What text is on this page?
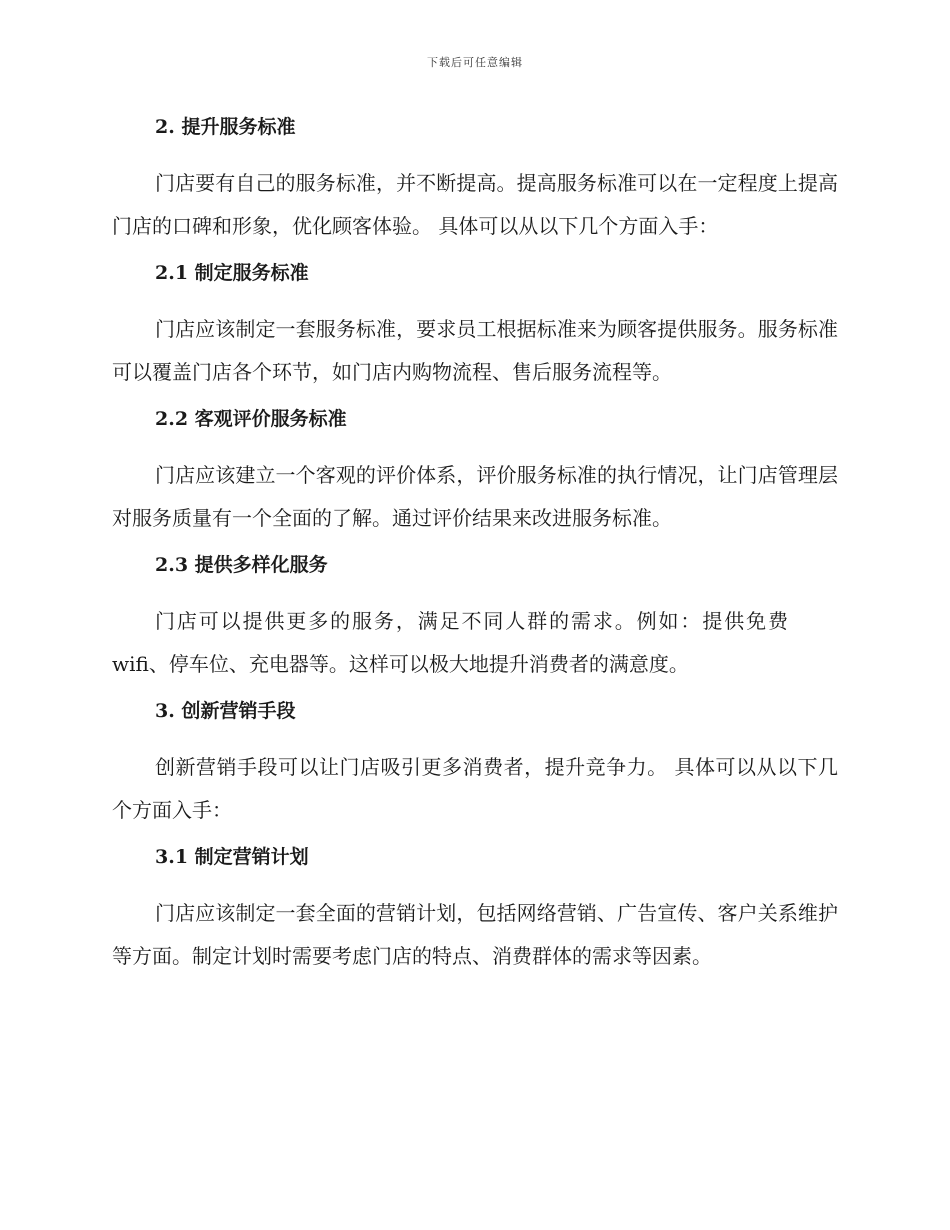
下载后可任意编辑
2. 提升服务标准

门店要有自己的服务标准，并不断提高。提高服务标准可以在一定程度上提高门店的口碑和形象，优化顾客体验。 具体可以从以下几个方面入手：

2.1 制定服务标准

门店应该制定一套服务标准，要求员工根据标准来为顾客提供服务。服务标准可以覆盖门店各个环节，如门店内购物流程、售后服务流程等。

2.2 客观评价服务标准

门店应该建立一个客观的评价体系，评价服务标准的执行情况，让门店管理层对服务质量有一个全面的了解。通过评价结果来改进服务标准。

2.3 提供多样化服务

门店可以提供更多的服务，满足不同人群的需求。例如：提供免费wifi、停车位、充电器等。这样可以极大地提升消费者的满意度。

3. 创新营销手段

创新营销手段可以让门店吸引更多消费者，提升竞争力。 具体可以从以下几个方面入手：

3.1 制定营销计划

门店应该制定一套全面的营销计划，包括网络营销、广告宣传、客户关系维护等方面。制定计划时需要考虑门店的特点、消费群体的需求等因素。
